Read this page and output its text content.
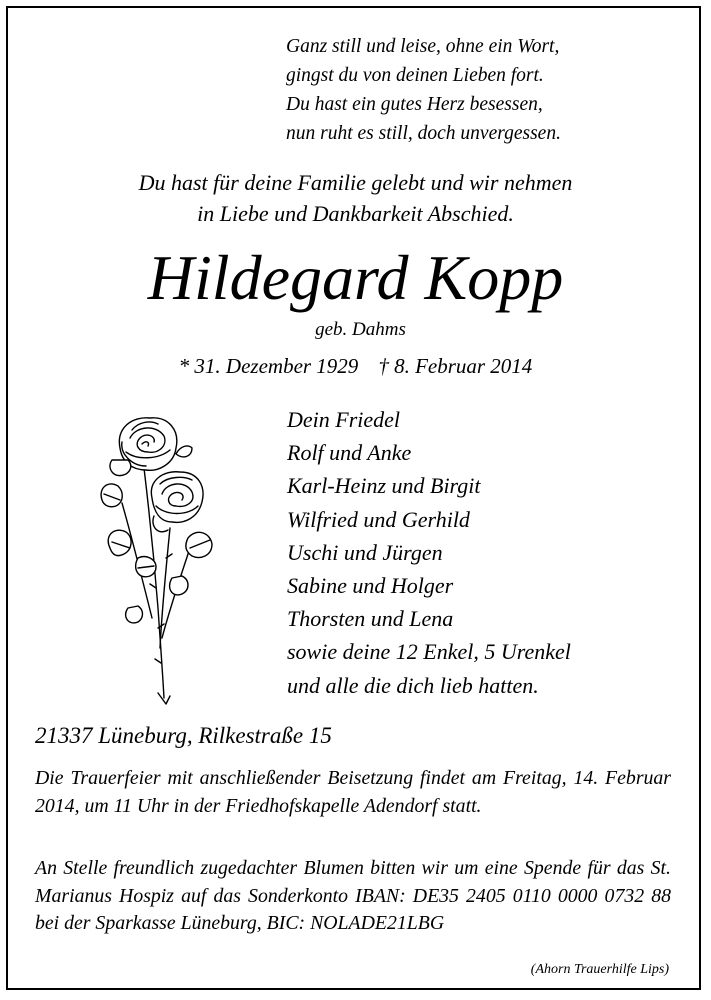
Ganz still und leise, ohne ein Wort,
gingst du von deinen Lieben fort.
Du hast ein gutes Herz besessen,
nun ruht es still, doch unvergessen.
Du hast für deine Familie gelebt und wir nehmen
in Liebe und Dankbarkeit Abschied.
Hildegard Kopp
geb. Dahms
* 31. Dezember 1929 † 8. Februar 2014
Dein Friedel
Rolf und Anke
Karl-Heinz und Birgit
Wilfried und Gerhild
Uschi und Jürgen
Sabine und Holger
Thorsten und Lena
sowie deine 12 Enkel, 5 Urenkel
und alle die dich lieb hatten.
21337 Lüneburg, Rilkestraße 15
Die Trauerfeier mit anschließender Beisetzung findet am Freitag, 14. Februar 2014, um 11 Uhr in der Friedhofskapelle Adendorf statt.
An Stelle freundlich zugedachter Blumen bitten wir um eine Spende für das St. Marianus Hospiz auf das Sonderkonto IBAN: DE35 2405 0110 0000 0732 88 bei der Sparkasse Lüneburg, BIC: NOLADE21LBG
(Ahorn Trauerhilfe Lips)
